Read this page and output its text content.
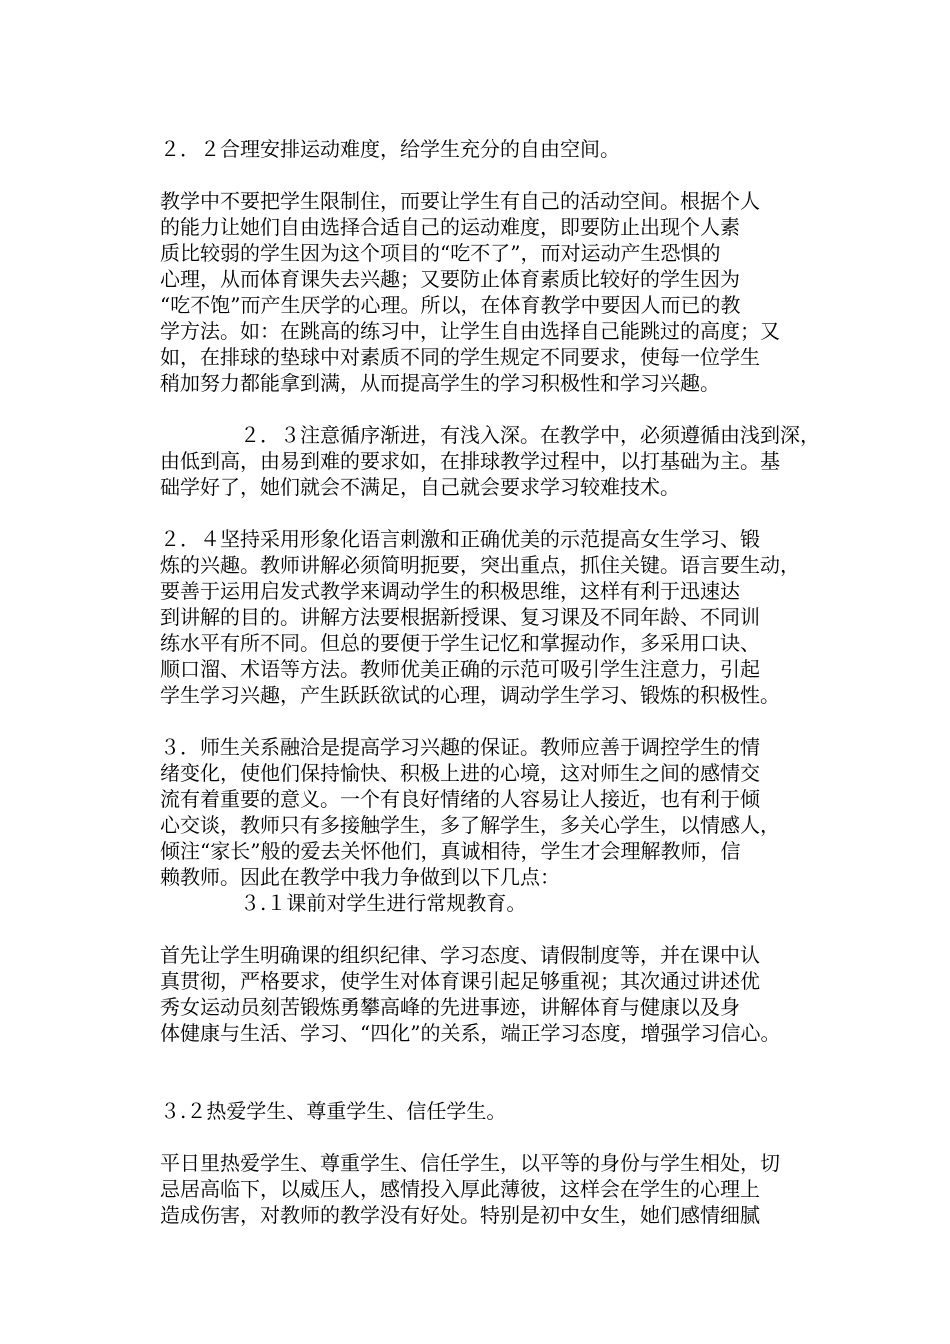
２．２合理安排运动难度，给学生充分的自由空间。

教学中不要把学生限制住，而要让学生有自己的活动空间。根据个人
的能力让她们自由选择合适自己的运动难度，即要防止出现个人素
质比较弱的学生因为这个项目的“吃不了”，而对运动产生恐惧的
心理，从而体育课失去兴趣；又要防止体育素质比较好的学生因为
“吃不饱”而产生厌学的心理。所以，在体育教学中要因人而已的教
学方法。如：在跳高的练习中，让学生自由选择自己能跳过的高度；又
如，在排球的垫球中对素质不同的学生规定不同要求，使每一位学生
稍加努力都能拿到满，从而提高学生的学习积极性和学习兴趣。

　　　　２．３注意循序渐进，有浅入深。在教学中，必须遵循由浅到深，
由低到高，由易到难的要求如，在排球教学过程中，以打基础为主。基
础学好了，她们就会不满足，自己就会要求学习较难技术。

２．４坚持采用形象化语言刺激和正确优美的示范提高女生学习、锻
炼的兴趣。教师讲解必须简明扼要，突出重点，抓住关键。语言要生动，
要善于运用启发式教学来调动学生的积极思维，这样有利于迅速达
到讲解的目的。讲解方法要根据新授课、复习课及不同年龄、不同训
练水平有所不同。但总的要便于学生记忆和掌握动作，多采用口诀、
顺口溜、术语等方法。教师优美正确的示范可吸引学生注意力，引起
学生学习兴趣，产生跃跃欲试的心理，调动学生学习、锻炼的积极性。

３．师生关系融洽是提高学习兴趣的保证。教师应善于调控学生的情
绪变化，使他们保持愉快、积极上进的心境，这对师生之间的感情交
流有着重要的意义。一个有良好情绪的人容易让人接近，也有利于倾
心交谈，教师只有多接触学生，多了解学生，多关心学生，以情感人，
倾注“家长”般的爱去关怀他们，真诚相待，学生才会理解教师，信
赖教师。因此在教学中我力争做到以下几点：
　　　　３.１课前对学生进行常规教育。

首先让学生明确课的组织纪律、学习态度、请假制度等，并在课中认
真贯彻，严格要求，使学生对体育课引起足够重视；其次通过讲述优
秀女运动员刻苦锻炼勇攀高峰的先进事迹，讲解体育与健康以及身
体健康与生活、学习、“四化”的关系，端正学习态度，增强学习信心。

３.２热爱学生、尊重学生、信任学生。

平日里热爱学生、尊重学生、信任学生，以平等的身份与学生相处，切
忌居高临下，以威压人，感情投入厚此薄彼，这样会在学生的心理上
造成伤害，对教师的教学没有好处。特别是初中女生，她们感情细腻
